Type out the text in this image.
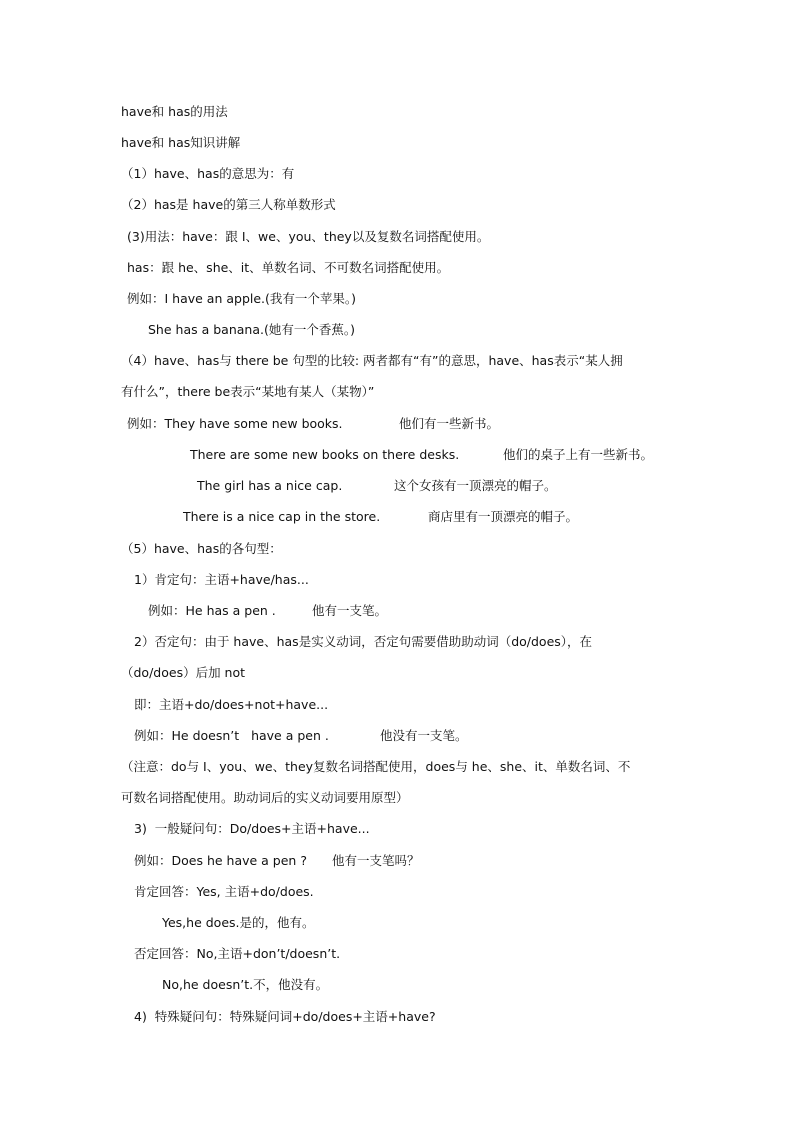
have和 has的用法
have和 has知识讲解
（1）have、has的意思为：有
（2）has是 have的第三人称单数形式
(3)用法：have：跟 I、we、you、they以及复数名词搭配使用。
has：跟 he、she、it、单数名词、不可数名词搭配使用。
例如：I have an apple.(我有一个苹果。)
She has a banana.(她有一个香蕉。)
（4）have、has与 there be 句型的比较: 两者都有“有”的意思，have、has表示“某人拥
有什么”，there be表示“某地有某人（某物）”
例如：They have some new books.	他们有一些新书。
There are some new books on there desks.	他们的桌子上有一些新书。
The girl has a nice cap.	这个女孩有一顶漂亮的帽子。
There is a nice cap in the store.	商店里有一顶漂亮的帽子。
（5）have、has的各句型：
1）肯定句：主语+have/has...
例如：He has a pen .	他有一支笔。
2）否定句：由于 have、has是实义动词，否定句需要借助助动词（do/does），在
（do/does）后加 not
即：主语+do/does+not+have...
例如：He doesn’t   have a pen .	他没有一支笔。
（注意：do与 I、you、we、they复数名词搭配使用，does与 he、she、it、单数名词、不
可数名词搭配使用。助动词后的实义动词要用原型）
3)  一般疑问句：Do/does+主语+have...
例如：Does he have a pen ? 他有一支笔吗？
肯定回答：Yes, 主语+do/does.
Yes,he does.是的，他有。
否定回答：No,主语+don’t/doesn’t.
No,he doesn’t.不，他没有。
4)  特殊疑问句：特殊疑问词+do/does+主语+have?
